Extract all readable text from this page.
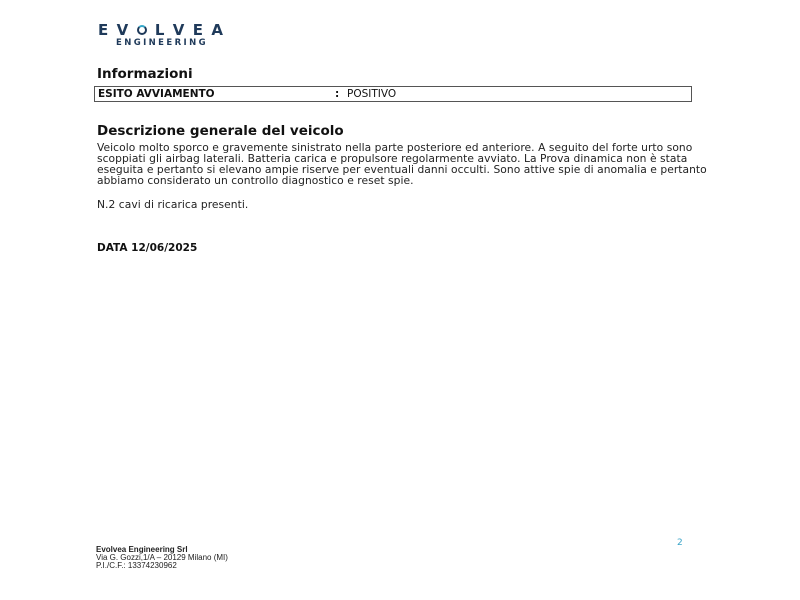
E V L V E A
ENGINEERING
Informazioni
ESITO AVVIAMENTO	: POSITIVO
Descrizione generale del veicolo

Veicolo molto sporco e gravemente sinistrato nella parte posteriore ed anteriore. A seguito del forte urto sono scoppiati gli airbag laterali. Batteria carica e propulsore regolarmente avviato. La Prova dinamica non è stata eseguita e pertanto si elevano ampie riserve per eventuali danni occulti. Sono attive spie di anomalia e pertanto abbiamo considerato un controllo diagnostico e reset spie.

N.2 cavi di ricarica presenti.

DATA 12/06/2025
Evolvea Engineering Srl
Via G. Gozzi,1/A – 20129 Milano (MI)
P.I./C.F.: 13374230962
2
